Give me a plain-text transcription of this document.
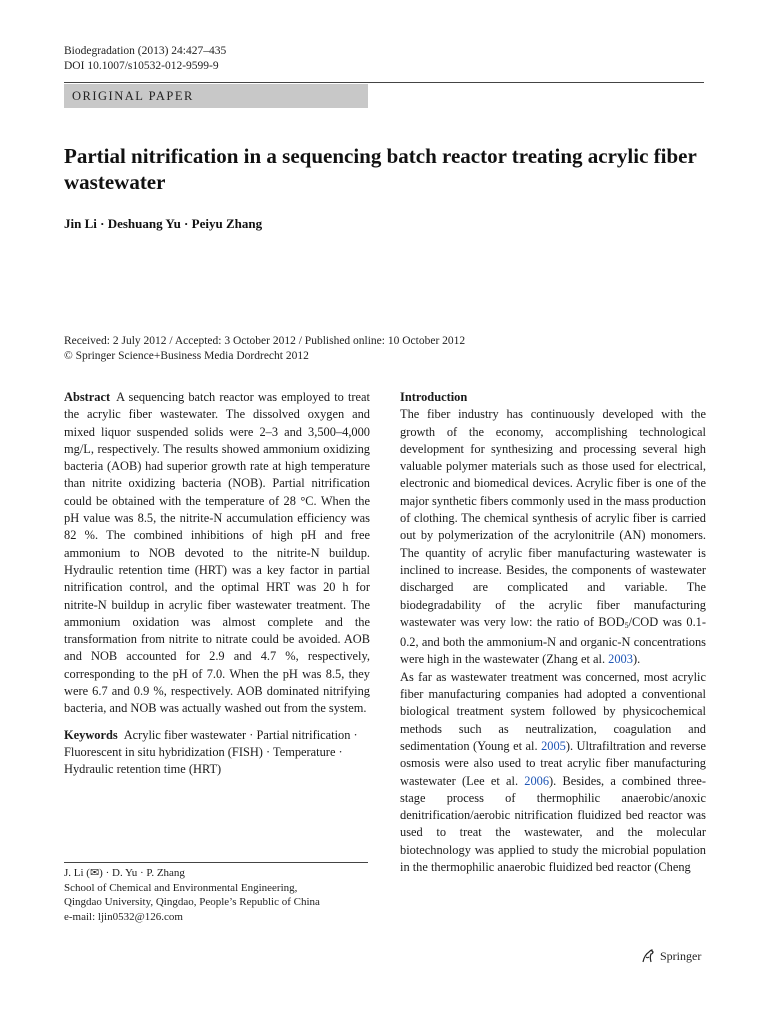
Biodegradation (2013) 24:427–435
DOI 10.1007/s10532-012-9599-9
ORIGINAL PAPER
Partial nitrification in a sequencing batch reactor treating acrylic fiber wastewater
Jin Li · Deshuang Yu · Peiyu Zhang
Received: 2 July 2012 / Accepted: 3 October 2012 / Published online: 10 October 2012
© Springer Science+Business Media Dordrecht 2012

Abstract A sequencing batch reactor was employed to treat the acrylic fiber wastewater. The dissolved oxygen and mixed liquor suspended solids were 2–3 and 3,500–4,000 mg/L, respectively. The results showed ammonium oxidizing bacteria (AOB) had superior growth rate at high temperature than nitrite oxidizing bacteria (NOB). Partial nitrification could be obtained with the temperature of 28 °C. When the pH value was 8.5, the nitrite-N accumulation efficiency was 82 %. The combined inhibitions of high pH and free ammonium to NOB devoted to the nitrite-N buildup. Hydraulic retention time (HRT) was a key factor in partial nitrification control, and the optimal HRT was 20 h for nitrite-N buildup in acrylic fiber wastewater treatment. The ammonium oxidation was almost complete and the transformation from nitrite to nitrate could be avoided. AOB and NOB accounted for 2.9 and 4.7 %, respectively, corresponding to the pH of 7.0. When the pH was 8.5, they were 6.7 and 0.9 %, respectively. AOB dominated nitrifying bacteria, and NOB was actually washed out from the system.

Keywords Acrylic fiber wastewater · Partial nitrification · Fluorescent in situ hybridization (FISH) · Temperature · Hydraulic retention time (HRT)

J. Li (✉) · D. Yu · P. Zhang
School of Chemical and Environmental Engineering,
Qingdao University, Qingdao, People’s Republic of China
e-mail: ljin0532@126.com

Introduction

The fiber industry has continuously developed with the growth of the economy, accomplishing technological development for synthesizing and processing several high valuable polymer materials such as those used for electrical, electronic and biomedical devices. Acrylic fiber is one of the major synthetic fibers commonly used in the mass production of clothing. The chemical synthesis of acrylic fiber is carried out by polymerization of the acrylonitrile (AN) monomers. The quantity of acrylic fiber manufacturing wastewater is inclined to increase. Besides, the components of wastewater discharged are complicated and variable. The biodegradability of the acrylic fiber manufacturing wastewater was very low: the ratio of $BOD_5$/COD was 0.1-0.2, and both the ammonium-N and organic-N concentrations were high in the wastewater (Zhang et al. 2003).

As far as wastewater treatment was concerned, most acrylic fiber manufacturing companies had adopted a conventional biological treatment system followed by physicochemical methods such as neutralization, coagulation and sedimentation (Young et al. 2005). Ultrafiltration and reverse osmosis were also used to treat acrylic fiber manufacturing wastewater (Lee et al. 2006). Besides, a combined three-stage process of thermophilic anaerobic/anoxic denitrification/aerobic nitrification fluidized bed reactor was used to treat the wastewater, and the molecular biotechnology was applied to study the microbial population in the thermophilic anaerobic fluidized bed reactor (Cheng

Springer
